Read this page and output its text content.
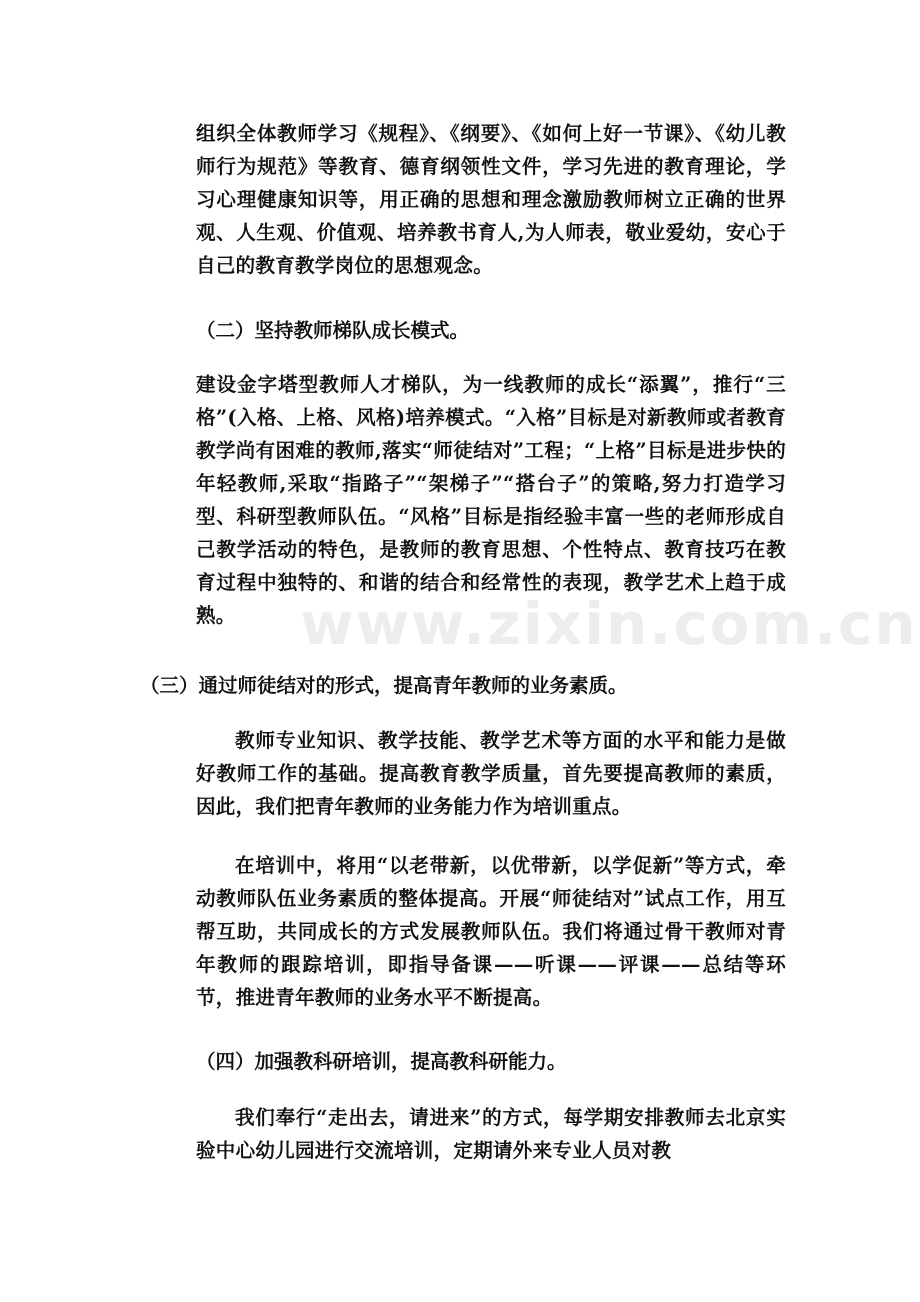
组织全体教师学习《规程》、《纲要》、《如何上好一节课》、《幼儿教师行为规范》等教育、德育纲领性文件，学习先进的教育理论，学习心理健康知识等，用正确的思想和理念激励教师树立正确的世界观、人生观、价值观、培养教书育人,为人师表，敬业爱幼，安心于自己的教育教学岗位的思想观念。

（二）坚持教师梯队成长模式。

建设金字塔型教师人才梯队，为一线教师的成长“添翼”，推行“三格”(入格、上格、风格)培养模式。“入格”目标是对新教师或者教育教学尚有困难的教师,落实“师徒结对”工程；“上格”目标是进步快的年轻教师,采取“指路子”“架梯子”“搭台子”的策略,努力打造学习型、科研型教师队伍。“风格”目标是指经验丰富一些的老师形成自己教学活动的特色，是教师的教育思想、个性特点、教育技巧在教育过程中独特的、和谐的结合和经常性的表现，教学艺术上趋于成熟。

（三）通过师徒结对的形式，提高青年教师的业务素质。

教师专业知识、教学技能、教学艺术等方面的水平和能力是做好教师工作的基础。提高教育教学质量，首先要提高教师的素质，因此，我们把青年教师的业务能力作为培训重点。

在培训中，将用“以老带新，以优带新，以学促新”等方式，牵动教师队伍业务素质的整体提高。开展“师徒结对”试点工作，用互帮互助，共同成长的方式发展教师队伍。我们将通过骨干教师对青年教师的跟踪培训，即指导备课——听课——评课——总结等环节，推进青年教师的业务水平不断提高。

（四）加强教科研培训，提高教科研能力。

我们奉行“走出去，请进来”的方式，每学期安排教师去北京实验中心幼儿园进行交流培训，定期请外来专业人员对教

www.zixin.com.cn
